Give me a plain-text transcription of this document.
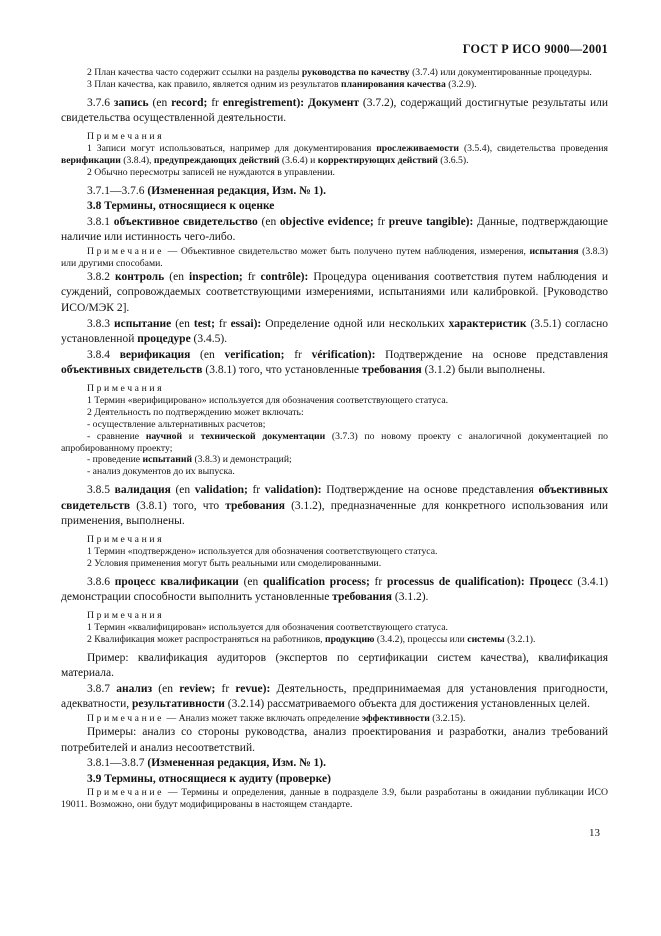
ГОСТ Р ИСО 9000—2001

2 План качества часто содержит ссылки на разделы руководства по качеству (3.7.4) или документированные процедуры.

3 План качества, как правило, является одним из результатов планирования качества (3.2.9).

3.7.6 запись (en record; fr enregistrement): Документ (3.7.2), содержащий достигнутые результаты или свидетельства осуществленной деятельности.

Примечания

1 Записи могут использоваться, например для документирования прослеживаемости (3.5.4), свидетельства проведения верификации (3.8.4), предупреждающих действий (3.6.4) и корректирующих действий (3.6.5).

2 Обычно пересмотры записей не нуждаются в управлении.

3.7.1—3.7.6 (Измененная редакция, Изм. № 1).

3.8 Термины, относящиеся к оценке

3.8.1 объективное свидетельство (en objective evidence; fr preuve tangible): Данные, подтверждающие наличие или истинность чего-либо.

Примечание — Объективное свидетельство может быть получено путем наблюдения, измерения, испытания (3.8.3) или другими способами.

3.8.2 контроль (en inspection; fr contrôle): Процедура оценивания соответствия путем наблюдения и суждений, сопровождаемых соответствующими измерениями, испытаниями или калибровкой. [Руководство ИСО/МЭК 2].

3.8.3 испытание (en test; fr essai): Определение одной или нескольких характеристик (3.5.1) согласно установленной процедуре (3.4.5).

3.8.4 верификация (en verification; fr vérification): Подтверждение на основе представления объективных свидетельств (3.8.1) того, что установленные требования (3.1.2) были выполнены.

Примечания

1 Термин «верифицировано» используется для обозначения соответствующего статуса.

2 Деятельность по подтверждению может включать:

- осуществление альтернативных расчетов;

- сравнение научной и технической документации (3.7.3) по новому проекту с аналогичной документацией по апробированному проекту;

- проведение испытаний (3.8.3) и демонстраций;

- анализ документов до их выпуска.

3.8.5 валидация (en validation; fr validation): Подтверждение на основе представления объективных свидетельств (3.8.1) того, что требования (3.1.2), предназначенные для конкретного использования или применения, выполнены.

Примечания

1 Термин «подтверждено» используется для обозначения соответствующего статуса.

2 Условия применения могут быть реальными или смоделированными.

3.8.6 процесс квалификации (en qualification process; fr processus de qualification): Процесс (3.4.1) демонстрации способности выполнить установленные требования (3.1.2).

Примечания

1 Термин «квалифицирован» используется для обозначения соответствующего статуса.

2 Квалификация может распространяться на работников, продукцию (3.4.2), процессы или системы (3.2.1).

Пример: квалификация аудиторов (экспертов по сертификации систем качества), квалификация материала.

3.8.7 анализ (en review; fr revue): Деятельность, предпринимаемая для установления пригодности, адекватности, результативности (3.2.14) рассматриваемого объекта для достижения установленных целей.

Примечание — Анализ может также включать определение эффективности (3.2.15).

Примеры: анализ со стороны руководства, анализ проектирования и разработки, анализ требований потребителей и анализ несоответствий.

3.8.1—3.8.7 (Измененная редакция, Изм. № 1).

3.9 Термины, относящиеся к аудиту (проверке)

Примечание — Термины и определения, данные в подразделе 3.9, были разработаны в ожидании публикации ИСО 19011. Возможно, они будут модифицированы в настоящем стандарте.

13
